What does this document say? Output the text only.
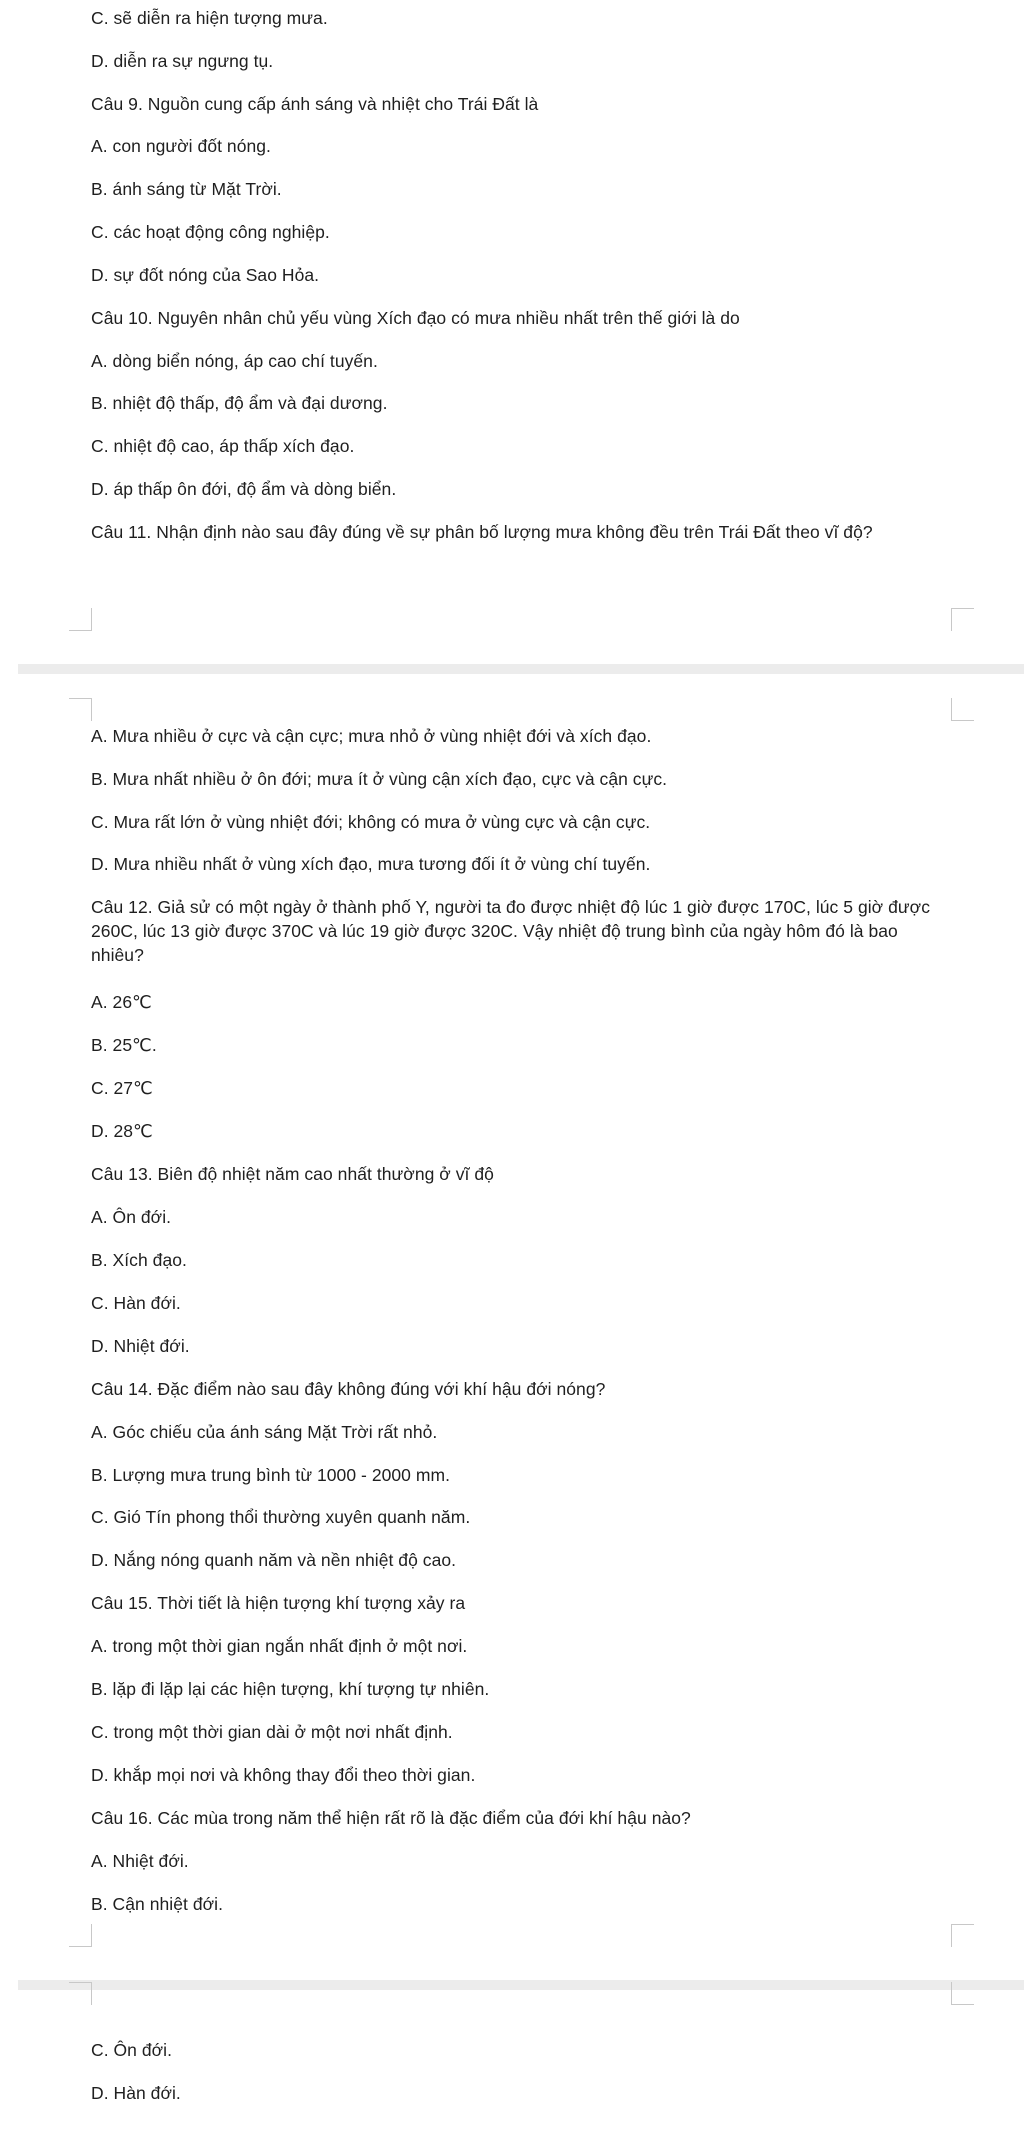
C. sẽ diễn ra hiện tượng mưa.
D. diễn ra sự ngưng tụ.
Câu 9. Nguồn cung cấp ánh sáng và nhiệt cho Trái Đất là
A. con người đốt nóng.
B. ánh sáng từ Mặt Trời.
C. các hoạt động công nghiệp.
D. sự đốt nóng của Sao Hỏa.
Câu 10. Nguyên nhân chủ yếu vùng Xích đạo có mưa nhiều nhất trên thế giới là do
A. dòng biển nóng, áp cao chí tuyến.
B. nhiệt độ thấp, độ ẩm và đại dương.
C. nhiệt độ cao, áp thấp xích đạo.
D. áp thấp ôn đới, độ ẩm và dòng biển.
Câu 11. Nhận định nào sau đây đúng về sự phân bố lượng mưa không đều trên Trái Đất theo vĩ độ?
A. Mưa nhiều ở cực và cận cực; mưa nhỏ ở vùng nhiệt đới và xích đạo.
B. Mưa nhất nhiều ở ôn đới; mưa ít ở vùng cận xích đạo, cực và cận cực.
C. Mưa rất lớn ở vùng nhiệt đới; không có mưa ở vùng cực và cận cực.
D. Mưa nhiều nhất ở vùng xích đạo, mưa tương đối ít ở vùng chí tuyến.
Câu 12. Giả sử có một ngày ở thành phố Y, người ta đo được nhiệt độ lúc 1 giờ được 170C, lúc 5 giờ được 260C, lúc 13 giờ được 370C và lúc 19 giờ được 320C. Vậy nhiệt độ trung bình của ngày hôm đó là bao nhiêu?
A. 26℃
B. 25℃.
C. 27℃
D. 28℃
Câu 13. Biên độ nhiệt năm cao nhất thường ở vĩ độ
A. Ôn đới.
B. Xích đạo.
C. Hàn đới.
D. Nhiệt đới.
Câu 14. Đặc điểm nào sau đây không đúng với khí hậu đới nóng?
A. Góc chiếu của ánh sáng Mặt Trời rất nhỏ.
B. Lượng mưa trung bình từ 1000 - 2000 mm.
C. Gió Tín phong thổi thường xuyên quanh năm.
D. Nắng nóng quanh năm và nền nhiệt độ cao.
Câu 15. Thời tiết là hiện tượng khí tượng xảy ra
A. trong một thời gian ngắn nhất định ở một nơi.
B. lặp đi lặp lại các hiện tượng, khí tượng tự nhiên.
C. trong một thời gian dài ở một nơi nhất định.
D. khắp mọi nơi và không thay đổi theo thời gian.
Câu 16. Các mùa trong năm thể hiện rất rõ là đặc điểm của đới khí hậu nào?
A. Nhiệt đới.
B. Cận nhiệt đới.
C. Ôn đới.
D. Hàn đới.
